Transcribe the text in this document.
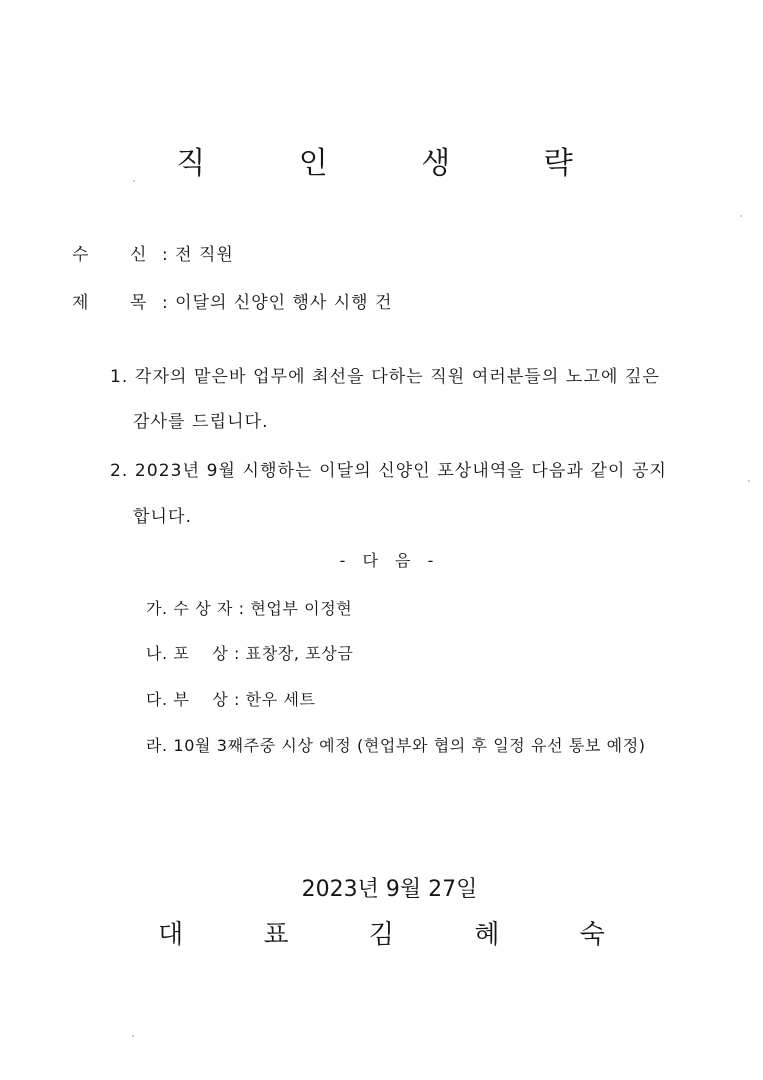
직 인 생 략
수 신 : 전 직원
제 목 : 이달의 신양인 행사 시행 건
1. 각자의 맡은바 업무에 최선을 다하는 직원 여러분들의 노고에 깊은
감사를 드립니다.
2. 2023년 9월 시행하는 이달의 신양인 포상내역을 다음과 같이 공지
합니다.
- 다 음 -
가. 수 상 자 : 현업부 이정현
나. 포    상 : 표창장, 포상금
다. 부    상 : 한우 세트
라. 10월 3째주중 시상 예정 (현업부와 협의 후 일정 유선 통보 예정)
2023년 9월 27일
대 표 김 혜 숙
